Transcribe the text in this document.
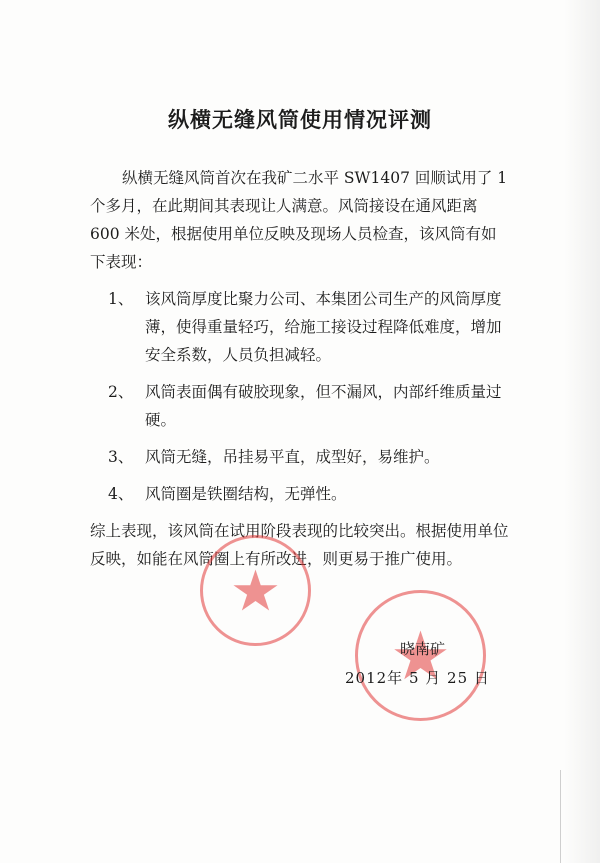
纵横无缝风筒使用情况评测

纵横无缝风筒首次在我矿二水平 SW1407 回顺试用了 1 个多月，在此期间其表现让人满意。风筒接设在通风距离 600 米处，根据使用单位反映及现场人员检查，该风筒有如下表现：

1、 该风筒厚度比聚力公司、本集团公司生产的风筒厚度薄，使得重量轻巧，给施工接设过程降低难度，增加安全系数，人员负担减轻。

2、 风筒表面偶有破胶现象，但不漏风，内部纤维质量过硬。

3、 风筒无缝，吊挂易平直，成型好，易维护。

4、 风筒圈是铁圈结构，无弹性。

综上表现，该风筒在试用阶段表现的比较突出。根据使用单位反映，如能在风筒圈上有所改进，则更易于推广使用。

晓南矿
2012年 5 月 25 日
